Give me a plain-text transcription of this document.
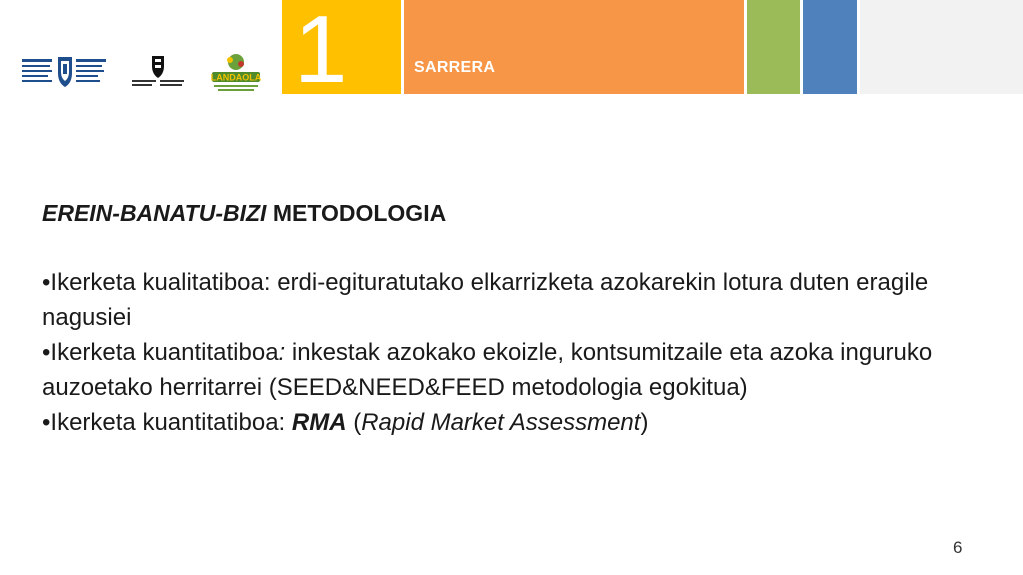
LANDAOLA 1	SARRERA

EREIN-BANATU-BIZI METODOLOGIA

•Ikerketa kualitatiboa: erdi-egituratutako elkarrizketa azokarekin lotura duten eragile nagusiei

•Ikerketa kuantitatiboa: inkestak azokako ekoizle, kontsumitzaile eta azoka inguruko auzoetako herritarrei (SEED&NEED&FEED metodologia egokitua)

•Ikerketa kuantitatiboa: RMA (Rapid Market Assessment)

6
